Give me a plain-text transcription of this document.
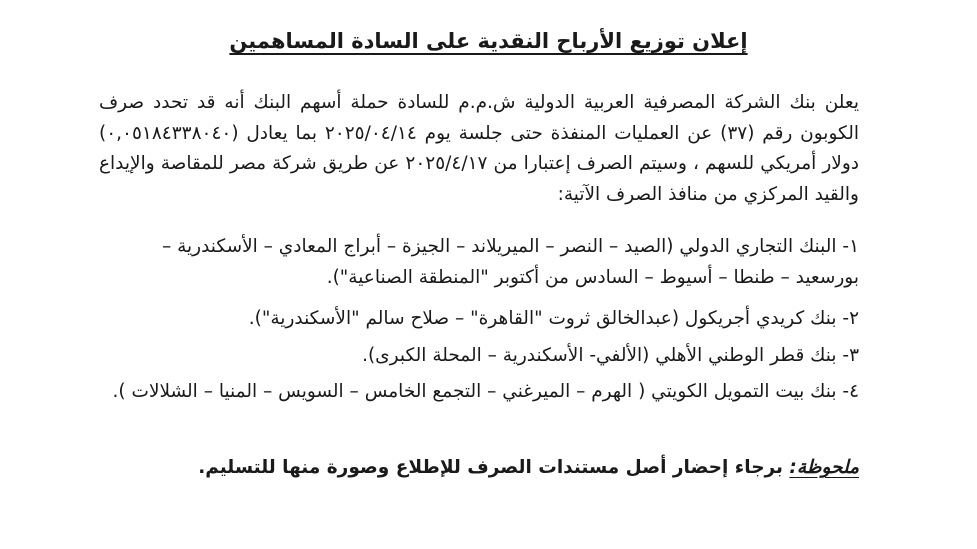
إعلان توزيع الأرباح النقدية على السادة المساهمين

يعلن بنك الشركة المصرفية العربية الدولية ش.م.م للسادة حملة أسهم البنك أنه قد تحدد صرف الكوبون رقم (٣٧) عن العمليات المنفذة حتى جلسة يوم ٢٠٢٥/٠٤/١٤ بما يعادل (٠,٠٥١٨٤٣٣٨٠٤٠) دولار أمريكي للسهم ، وسيتم الصرف إعتبارا من ٢٠٢٥/٤/١٧ عن طريق شركة مصر للمقاصة والإيداع والقيد المركزي من منافذ الصرف الآتية:

١- البنك التجاري الدولي (الصيد – النصر – الميريلاند – الجيزة – أبراج المعادي – الأسكندرية – بورسعيد – طنطا – أسيوط – السادس من أكتوبر "المنطقة الصناعية").
٢- بنك كريدي أجريكول (عبدالخالق ثروت "القاهرة" – صلاح سالم "الأسكندرية").
٣- بنك قطر الوطني الأهلي (الألفي- الأسكندرية – المحلة الكبرى).
٤- بنك بيت التمويل الكويتي ( الهرم – الميرغني – التجمع الخامس – السويس – المنيا – الشلالات ).

ملحوظة: برجاء إحضار أصل مستندات الصرف للإطلاع وصورة منها للتسليم.
